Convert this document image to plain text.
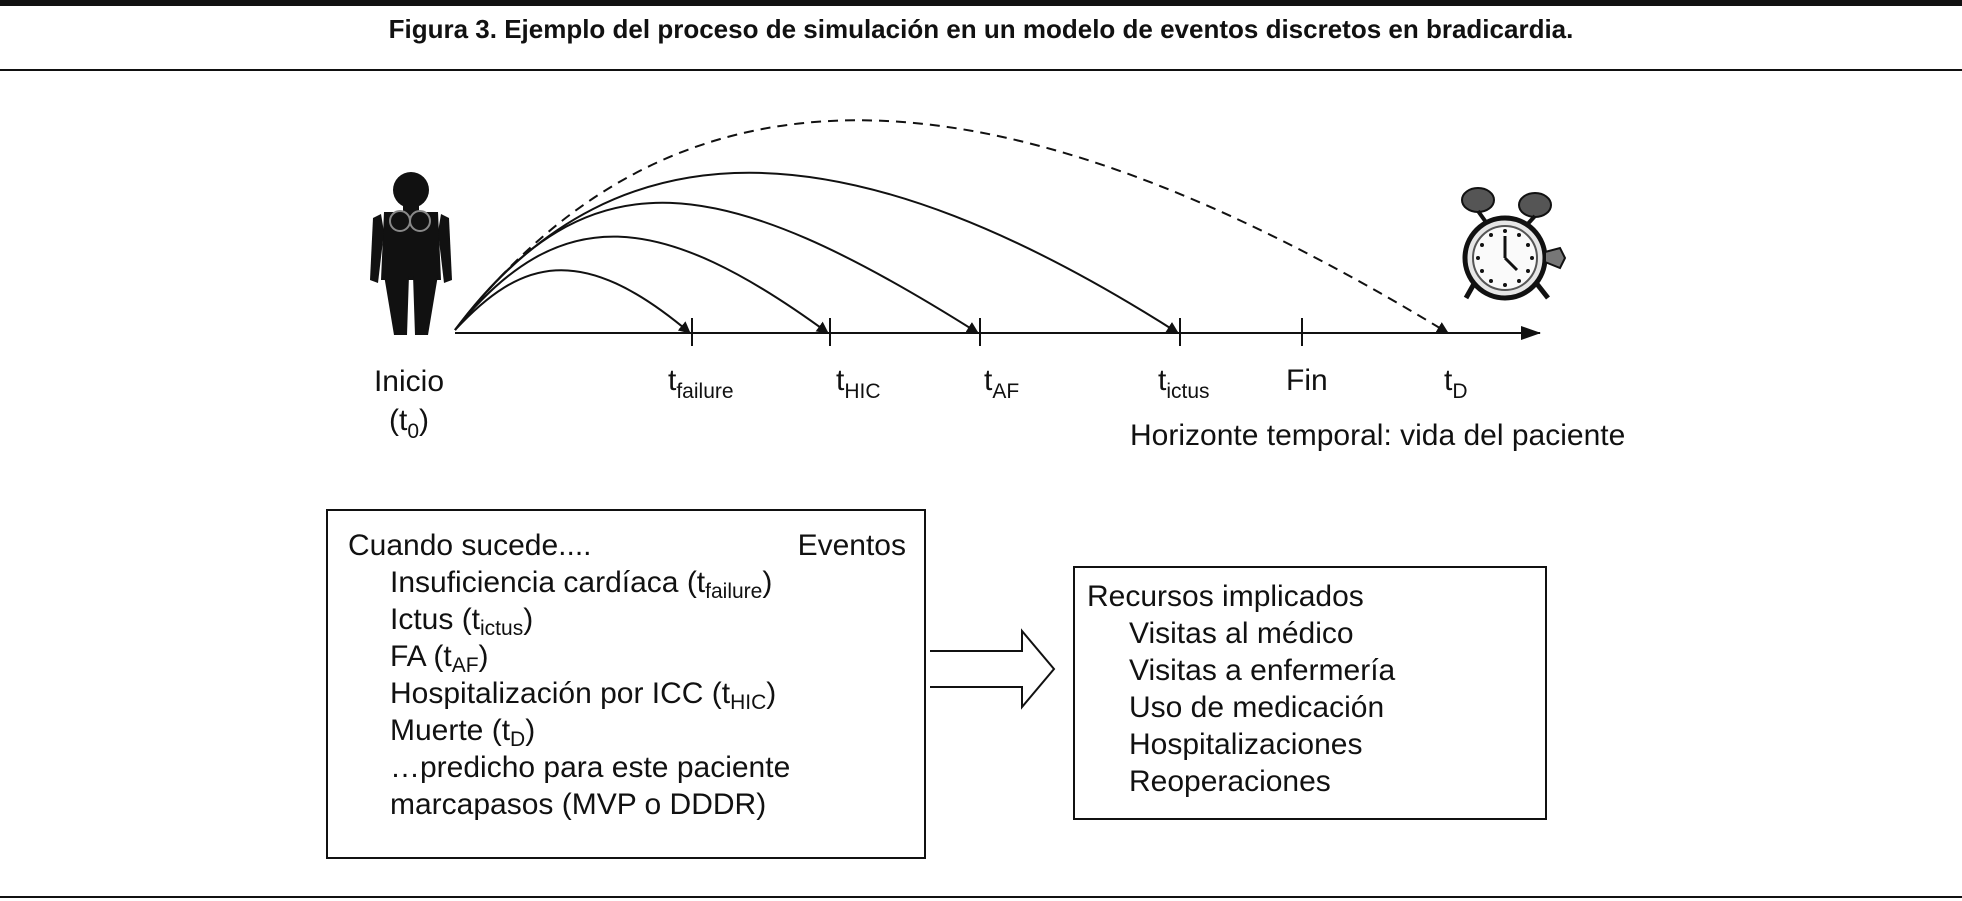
Figura 3. Ejemplo del proceso de simulación en un modelo de eventos discretos en bradicardia.
Inicio
$(t_0)$
$t_{failure}$	$t_{HIC}$	$t_{AF}$	$t_{ictus}$	Fin	$t_D$
Horizonte temporal: vida del paciente
Cuando sucede....	Eventos
Insuficiencia cardíaca $(t_{failure})$
Ictus $(t_{ictus})$
FA $(t_{AF})$
Hospitalización por ICC $(t_{HIC})$
Muerte $(t_D)$
…predicho para este paciente
marcapasos (MVP o DDDR)
Recursos implicados
Visitas al médico
Visitas a enfermería
Uso de medicación
Hospitalizaciones
Reoperaciones
